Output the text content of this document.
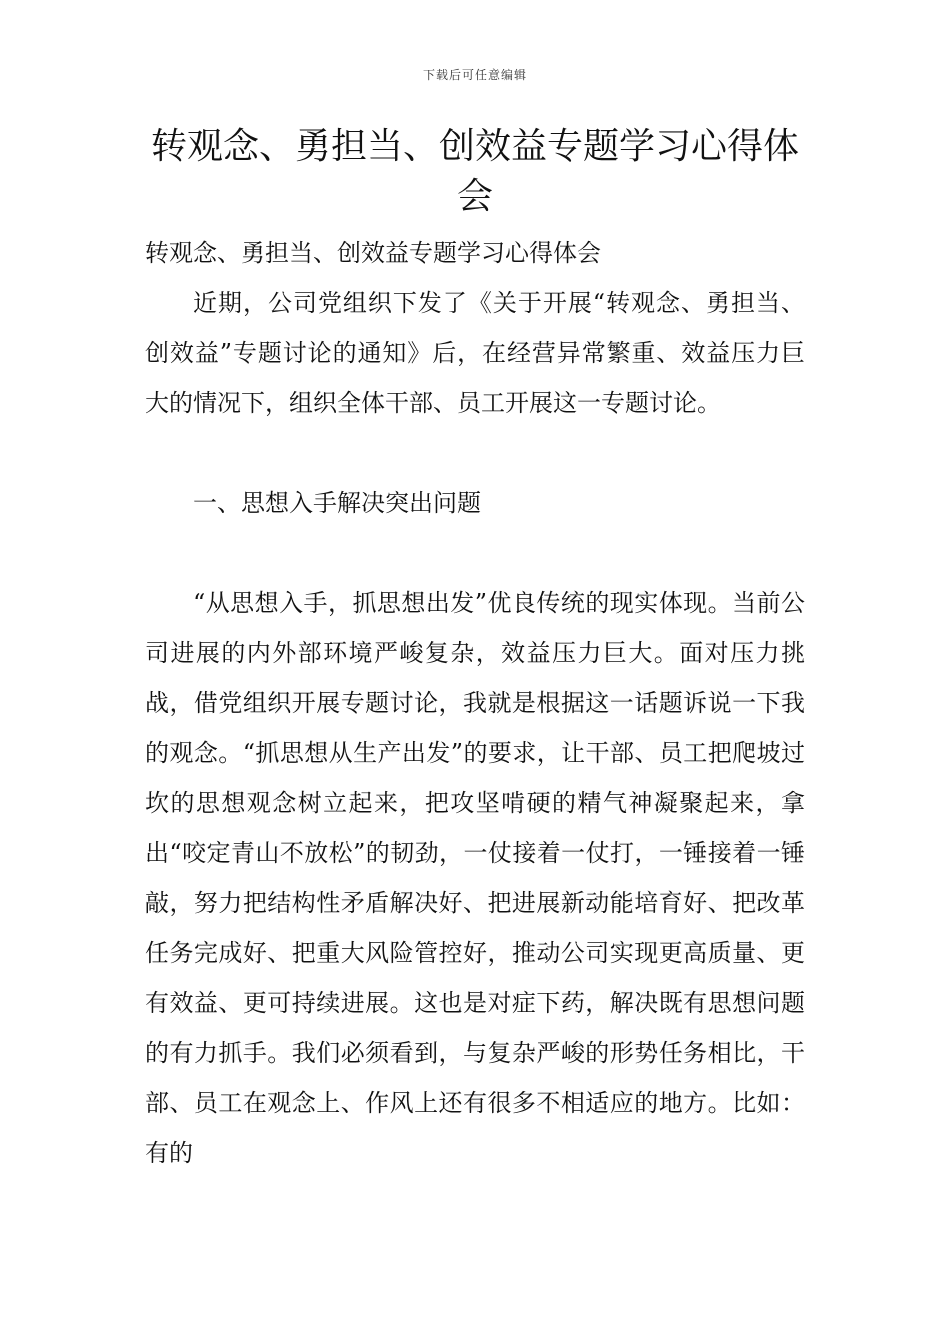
下载后可任意编辑
转观念、勇担当、创效益专题学习心得体会

转观念、勇担当、创效益专题学习心得体会

近期，公司党组织下发了《关于开展“转观念、勇担当、创效益”专题讨论的通知》后，在经营异常繁重、效益压力巨大的情况下，组织全体干部、员工开展这一专题讨论。

一、思想入手解决突出问题

“从思想入手，抓思想出发”优良传统的现实体现。当前公司进展的内外部环境严峻复杂，效益压力巨大。面对压力挑战，借党组织开展专题讨论，我就是根据这一话题诉说一下我的观念。“抓思想从生产出发”的要求，让干部、员工把爬坡过坎的思想观念树立起来，把攻坚啃硬的精气神凝聚起来，拿出“咬定青山不放松”的韧劲，一仗接着一仗打，一锤接着一锤敲，努力把结构性矛盾解决好、把进展新动能培育好、把改革任务完成好、把重大风险管控好，推动公司实现更高质量、更有效益、更可持续进展。这也是对症下药，解决既有思想问题的有力抓手。我们必须看到，与复杂严峻的形势任务相比，干部、员工在观念上、作风上还有很多不相适应的地方。比如：有的
